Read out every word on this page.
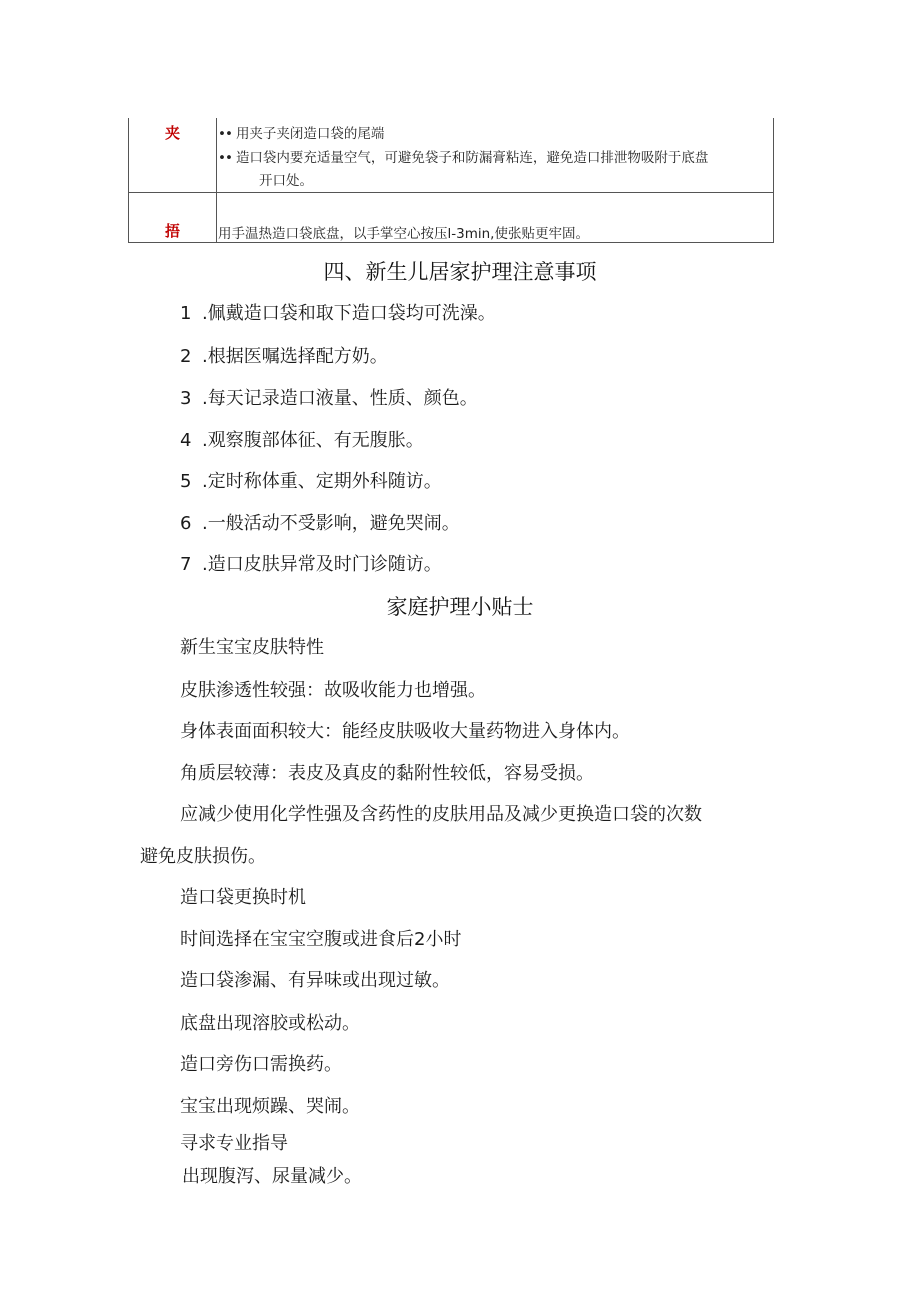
夹	•• 用夹子夹闭造口袋的尾端
•• 造口袋内要充适量空气，可避免袋子和防漏膏粘连，避免造口排泄物吸附于底盘
开口处。
捂	用手温热造口袋底盘，以手掌空心按压l-3min,使张贴更牢固。
四、新生儿居家护理注意事项
1 .佩戴造口袋和取下造口袋均可洗澡。
2 .根据医嘱选择配方奶。
3 .每天记录造口液量、性质、颜色。
4 .观察腹部体征、有无腹胀。
5 .定时称体重、定期外科随访。
6 .一般活动不受影响，避免哭闹。
7 .造口皮肤异常及时门诊随访。
家庭护理小贴士
新生宝宝皮肤特性
皮肤渗透性较强：故吸收能力也增强。
身体表面面积较大：能经皮肤吸收大量药物进入身体内。
角质层较薄：表皮及真皮的黏附性较低，容易受损。
应减少使用化学性强及含药性的皮肤用品及减少更换造口袋的次数
避免皮肤损伤。
造口袋更换时机
时间选择在宝宝空腹或进食后2小时
造口袋渗漏、有异味或出现过敏。
底盘出现溶胶或松动。
造口旁伤口需换药。
宝宝出现烦躁、哭闹。
寻求专业指导
出现腹泻、尿量减少。
